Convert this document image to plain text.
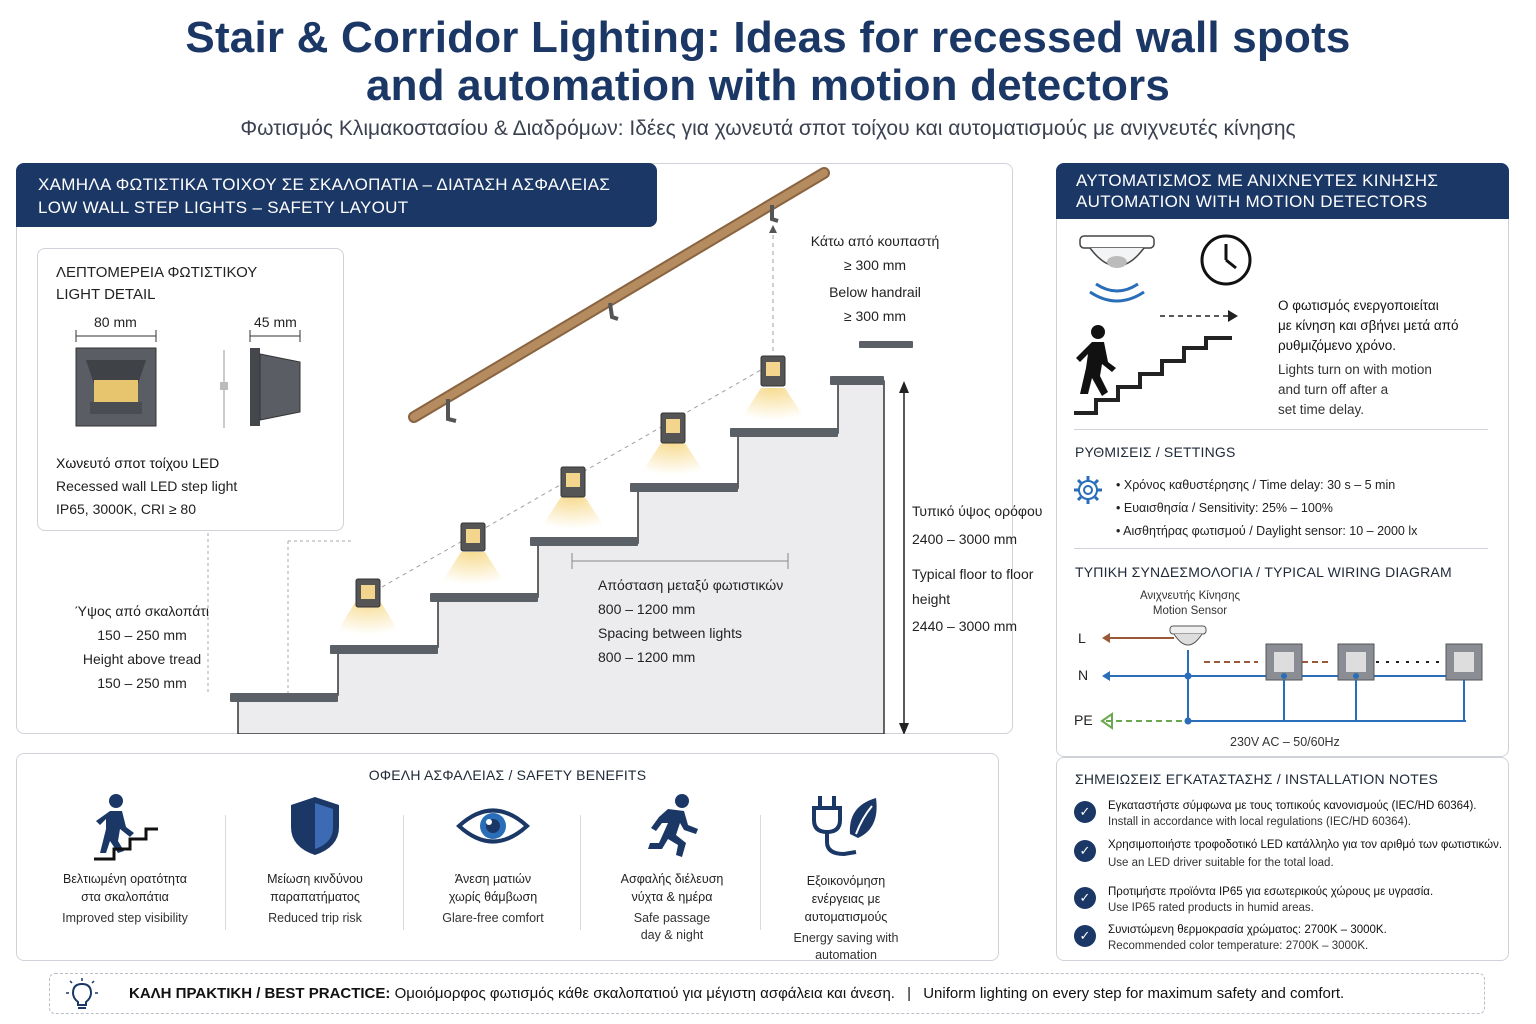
Stair & Corridor Lighting: Ideas for recessed wall spots
and automation with motion detectors
Φωτισμός Κλιμακοστασίου & Διαδρόμων: Ιδέες για χωνευτά σποτ τοίχου και αυτοματισμούς με ανιχνευτές κίνησης
ΧΑΜΗΛΑ ΦΩΤΙΣΤΙΚΑ ΤΟΙΧΟΥ ΣΕ ΣΚΑΛΟΠΑΤΙΑ – ΔΙΑΤΑΣΗ ΑΣΦΑΛΕΙΑΣ
LOW WALL STEP LIGHTS – SAFETY LAYOUT
ΛΕΠΤΟΜΕΡΕΙΑ ΦΩΤΙΣΤΙΚΟΥ
LIGHT DETAIL
80 mm	45 mm
Χωνευτό σποτ τοίχου LED
Recessed wall LED step light
IP65, 3000K, CRI ≥ 80
Κάτω από κουπαστή
≥ 300 mm
Below handrail
≥ 300 mm
Ύψος από σκαλοπάτι
150 – 250 mm
Height above tread
150 – 250 mm
Απόσταση μεταξύ φωτιστικών
800 – 1200 mm
Spacing between lights
800 – 1200 mm
Τυπικό ύψος ορόφου
2400 – 3000 mm
Typical floor to floor
height
2440 – 3000 mm
ΑΥΤΟΜΑΤΙΣΜΟΣ ΜΕ ΑΝΙΧΝΕΥΤΕΣ ΚΙΝΗΣΗΣ
AUTOMATION WITH MOTION DETECTORS
Ο φωτισμός ενεργοποιείται
με κίνηση και σβήνει μετά από
ρυθμιζόμενο χρόνο.
Lights turn on with motion
and turn off after a
set time delay.
ΡΥΘΜΙΣΕΙΣ / SETTINGS
• Χρόνος καθυστέρησης / Time delay: 30 s – 5 min
• Ευαισθησία / Sensitivity: 25% – 100%
• Αισθητήρας φωτισμού / Daylight sensor: 10 – 2000 lx
ΤΥΠΙΚΗ ΣΥΝΔΕΣΜΟΛΟΓΙΑ / TYPICAL WIRING DIAGRAM
Ανιχνευτής Κίνησης
Motion Sensor
L
N
PE
230V AC – 50/60Hz
ΟΦΕΛΗ ΑΣΦΑΛΕΙΑΣ / SAFETY BENEFITS
Βελτιωμένη ορατότητα
στα σκαλοπάτια
Improved step visibility
Μείωση κινδύνου
παραπατήματος
Reduced trip risk
Άνεση ματιών
χωρίς θάμβωση
Glare-free comfort
Ασφαλής διέλευση
νύχτα & ημέρα
Safe passage
day & night
Εξοικονόμηση
ενέργειας με αυτοματισμούς
Energy saving with
automation
ΣΗΜΕΙΩΣΕΙΣ ΕΓΚΑΤΑΣΤΑΣΗΣ / INSTALLATION NOTES
✓	Εγκαταστήστε σύμφωνα με τους τοπικούς κανονισμούς (IEC/HD 60364).
Install in accordance with local regulations (IEC/HD 60364).
✓	Χρησιμοποιήστε τροφοδοτικό LED κατάλληλο για τον αριθμό των φωτιστικών.
Use an LED driver suitable for the total load.
✓	Προτιμήστε προϊόντα IP65 για εσωτερικούς χώρους με υγρασία.
Use IP65 rated products in humid areas.
✓	Συνιστώμενη θερμοκρασία χρώματος: 2700K – 3000K.
Recommended color temperature: 2700K – 3000K.
ΚΑΛΗ ΠΡΑΚΤΙΚΗ / BEST PRACTICE: Ομοιόμορφος φωτισμός κάθε σκαλοπατιού για μέγιστη ασφάλεια και άνεση. | Uniform lighting on every step for maximum safety and comfort.
